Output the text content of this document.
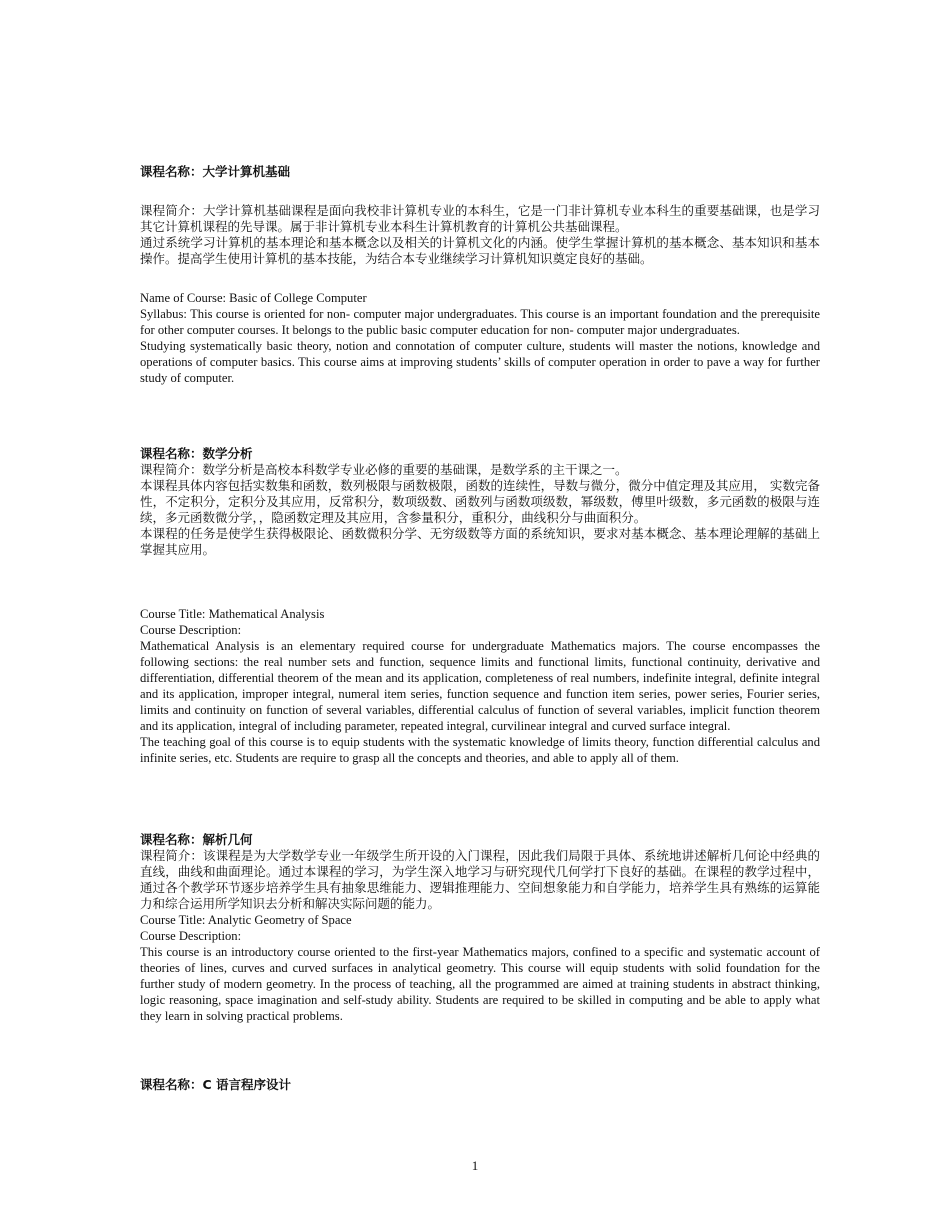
课程名称：大学计算机基础

课程简介：大学计算机基础课程是面向我校非计算机专业的本科生，它是一门非计算机专业本科生的重要基础课，也是学习其它计算机课程的先导课。属于非计算机专业本科生计算机教育的计算机公共基础课程。

通过系统学习计算机的基本理论和基本概念以及相关的计算机文化的内涵。使学生掌握计算机的基本概念、基本知识和基本操作。提高学生使用计算机的基本技能，为结合本专业继续学习计算机知识奠定良好的基础。

Name of Course: Basic of College Computer

Syllabus: This course is oriented for non- computer major undergraduates. This course is an important foundation and the prerequisite for other computer courses. It belongs to the public basic computer education for non- computer major undergraduates.

Studying systematically basic theory, notion and connotation of computer culture, students will master the notions, knowledge and operations of computer basics. This course aims at improving students’ skills of computer operation in order to pave a way for further study of computer.

课程名称：数学分析

课程简介：数学分析是高校本科数学专业必修的重要的基础课，是数学系的主干课之一。

本课程具体内容包括实数集和函数，数列极限与函数极限，函数的连续性，导数与微分，微分中值定理及其应用， 实数完备性，不定积分，定积分及其应用，反常积分，数项级数、函数列与函数项级数，幂级数，傅里叶级数，多元函数的极限与连续，多元函数微分学，，隐函数定理及其应用，含参量积分，重积分，曲线积分与曲面积分。

本课程的任务是使学生获得极限论、函数微积分学、无穷级数等方面的系统知识，要求对基本概念、基本理论理解的基础上掌握其应用。

Course Title: Mathematical Analysis

Course Description:

Mathematical Analysis is an elementary required course for undergraduate Mathematics majors. The course encompasses the following sections: the real number sets and function, sequence limits and functional limits, functional continuity, derivative and differentiation, differential theorem of the mean and its application, completeness of real numbers, indefinite integral, definite integral and its application, improper integral, numeral item series, function sequence and function item series, power series, Fourier series, limits and continuity on function of several variables, differential calculus of function of several variables, implicit function theorem and its application, integral of including parameter, repeated integral, curvilinear integral and curved surface integral.

The teaching goal of this course is to equip students with the systematic knowledge of limits theory, function differential calculus and infinite series, etc. Students are require to grasp all the concepts and theories, and able to apply all of them.

课程名称：解析几何

课程简介：该课程是为大学数学专业一年级学生所开设的入门课程，因此我们局限于具体、系统地讲述解析几何论中经典的直线，曲线和曲面理论。通过本课程的学习，为学生深入地学习与研究现代几何学打下良好的基础。在课程的教学过程中，通过各个教学环节逐步培养学生具有抽象思维能力、逻辑推理能力、空间想象能力和自学能力，培养学生具有熟练的运算能力和综合运用所学知识去分析和解决实际问题的能力。

Course Title: Analytic Geometry of Space

Course Description:

This course is an introductory course oriented to the first-year Mathematics majors, confined to a specific and systematic account of theories of lines, curves and curved surfaces in analytical geometry. This course will equip students with solid foundation for the further study of modern geometry. In the process of teaching, all the programmed are aimed at training students in abstract thinking, logic reasoning, space imagination and self-study ability. Students are required to be skilled in computing and be able to apply what they learn in solving practical problems.

课程名称：C 语言程序设计

1
